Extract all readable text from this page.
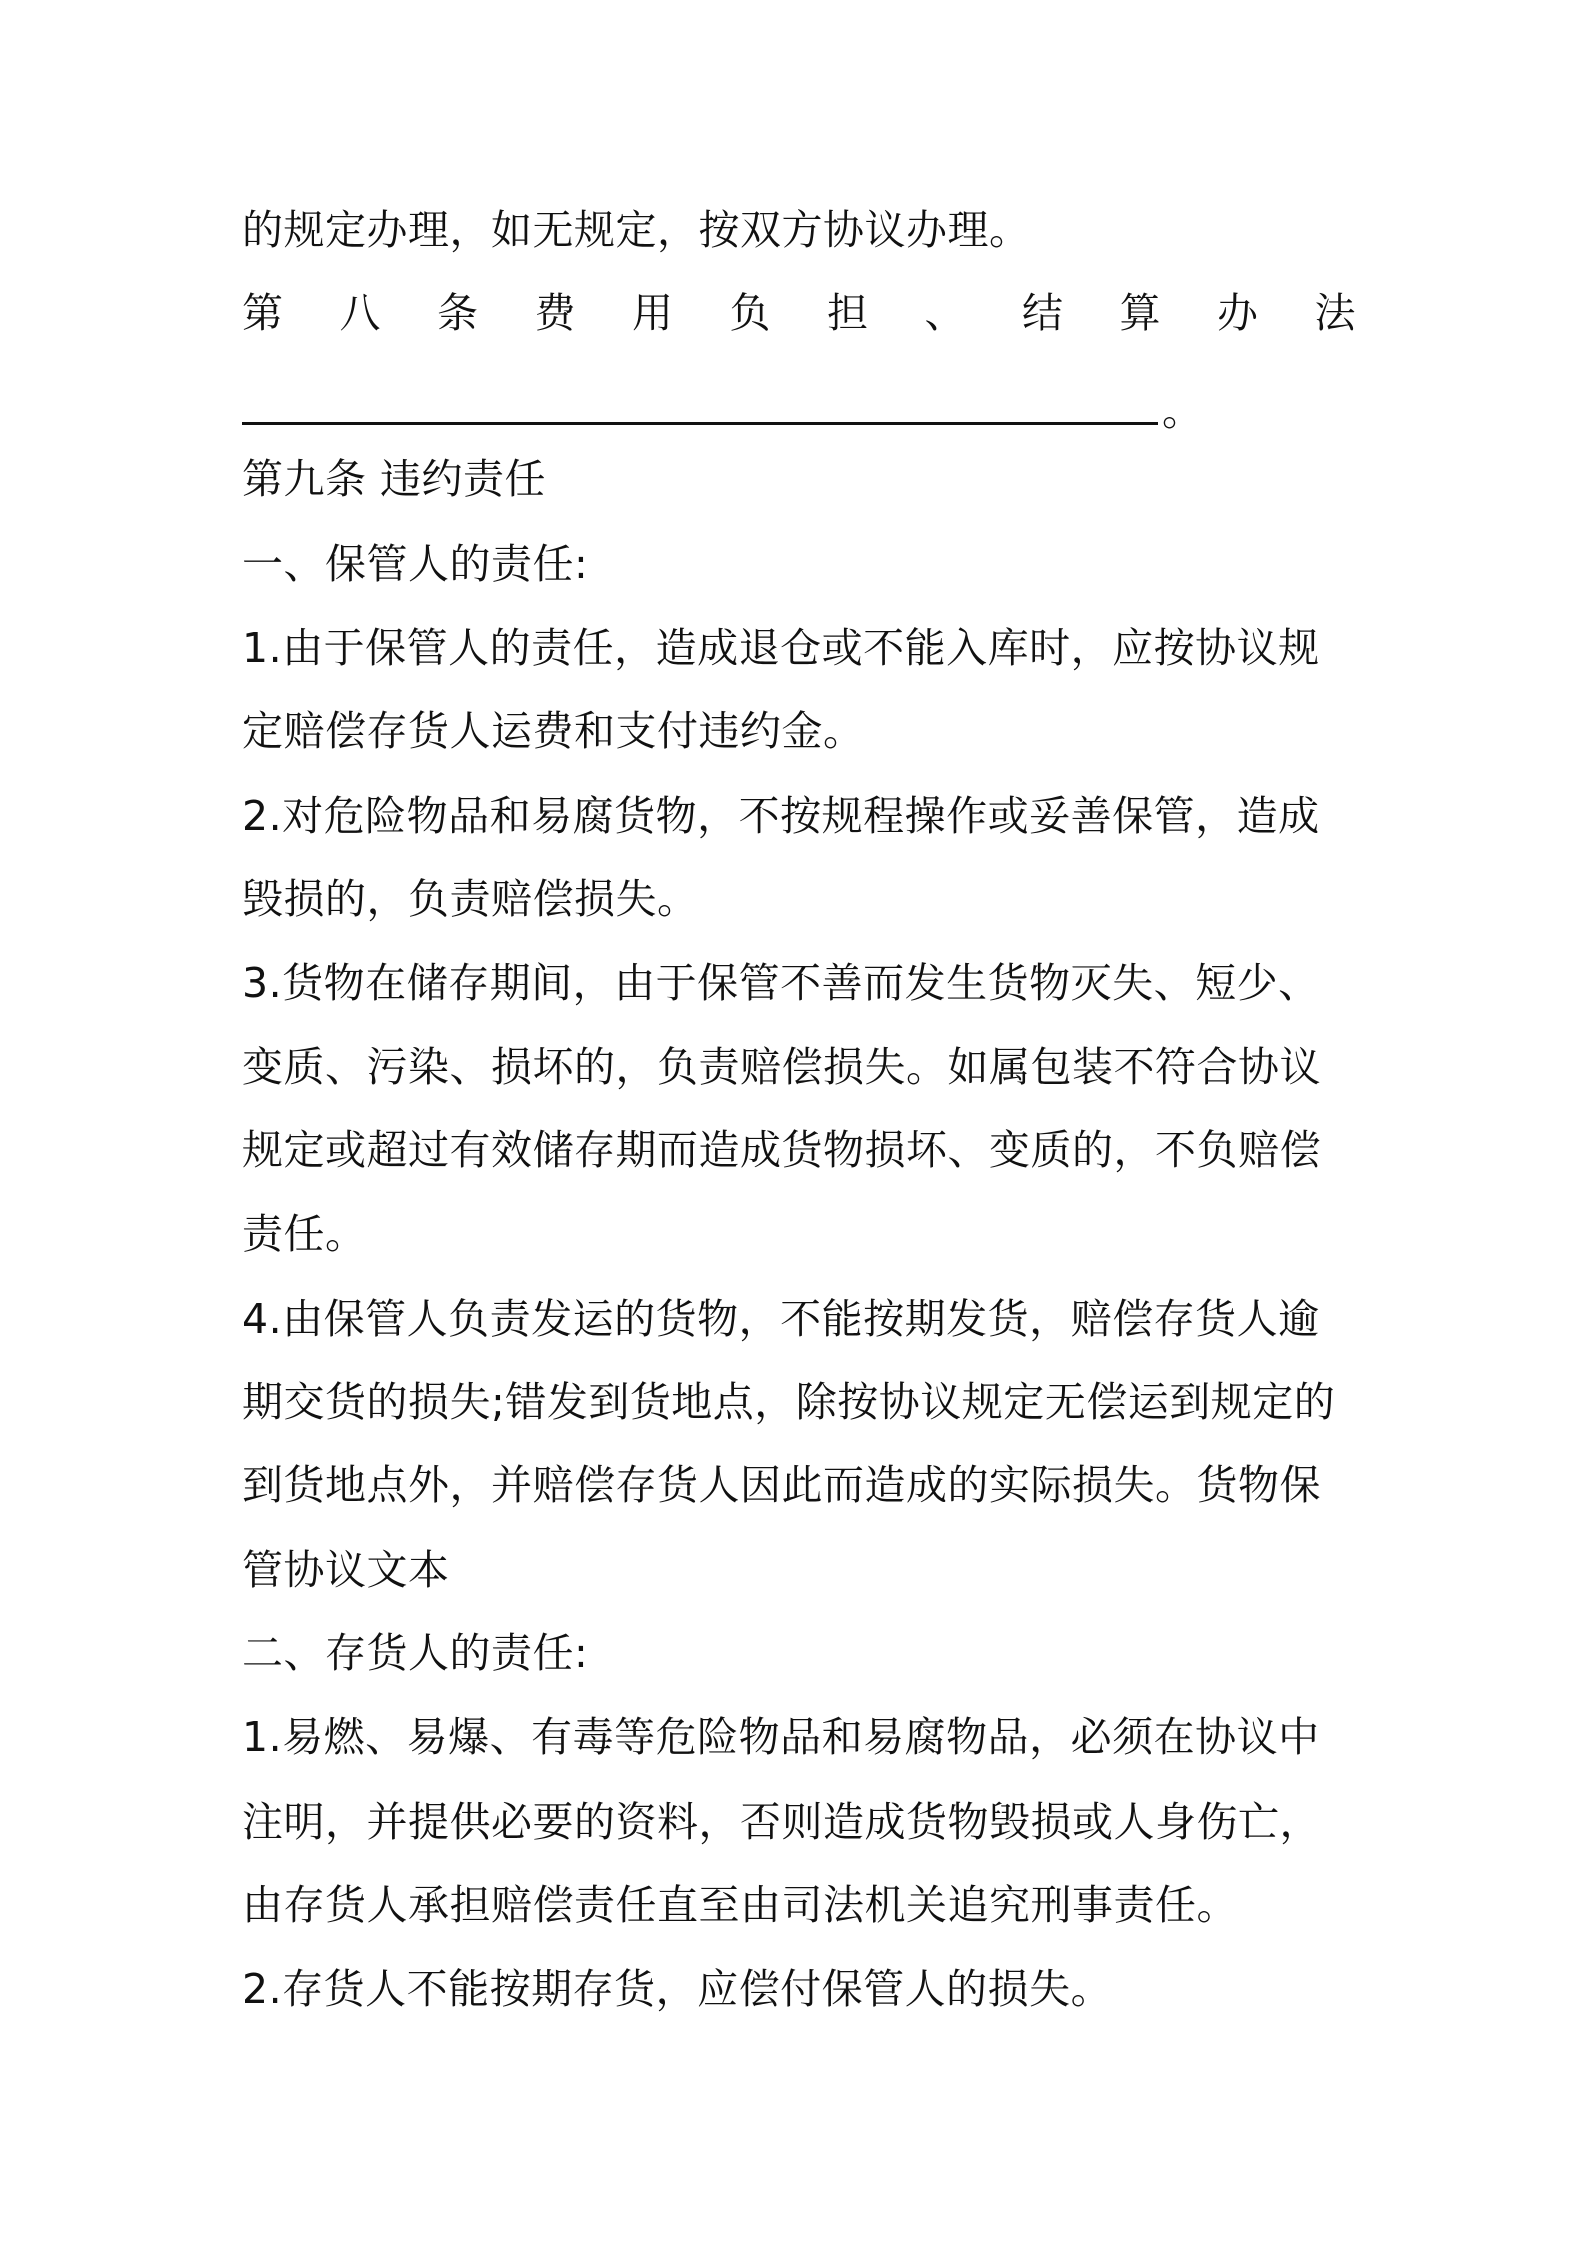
的规定办理，如无规定，按双方协议办理。
第 八 条 费 用 负 担 、 结 算 办 法
。
第九条 违约责任
一、保管人的责任:
1.由于保管人的责任，造成退仓或不能入库时，应按协议规
定赔偿存货人运费和支付违约金。
2.对危险物品和易腐货物，不按规程操作或妥善保管，造成
毁损的，负责赔偿损失。
3.货物在储存期间，由于保管不善而发生货物灭失、短少、
变质、污染、损坏的，负责赔偿损失。如属包装不符合协议
规定或超过有效储存期而造成货物损坏、变质的，不负赔偿
责任。
4.由保管人负责发运的货物，不能按期发货，赔偿存货人逾
期交货的损失;错发到货地点，除按协议规定无偿运到规定的
到货地点外，并赔偿存货人因此而造成的实际损失。货物保
管协议文本
二、存货人的责任:
1.易燃、易爆、有毒等危险物品和易腐物品，必须在协议中
注明，并提供必要的资料，否则造成货物毁损或人身伤亡，
由存货人承担赔偿责任直至由司法机关追究刑事责任。
2.存货人不能按期存货，应偿付保管人的损失。
